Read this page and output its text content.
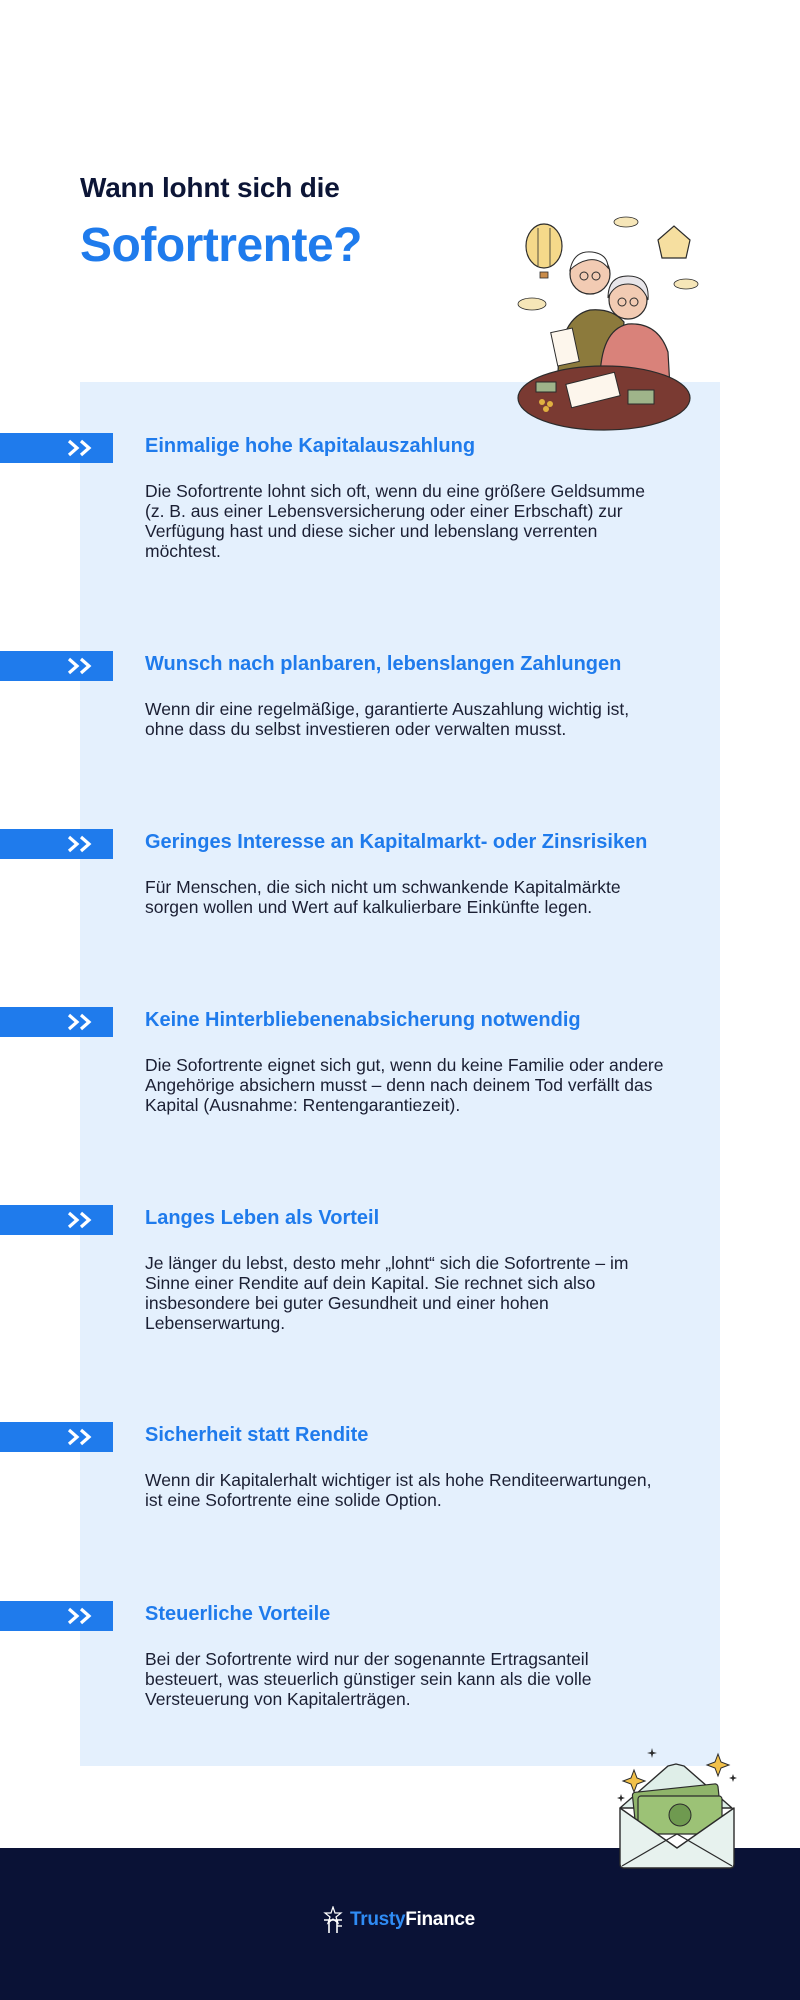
Wann lohnt sich die
Sofortrente?
Einmalige hohe Kapitalauszahlung

Die Sofortrente lohnt sich oft, wenn du eine größere Geldsumme (z. B. aus einer Lebensversicherung oder einer Erbschaft) zur Verfügung hast und diese sicher und lebenslang verrenten möchtest.

Wunsch nach planbaren, lebenslangen Zahlungen

Wenn dir eine regelmäßige, garantierte Auszahlung wichtig ist, ohne dass du selbst investieren oder verwalten musst.

Geringes Interesse an Kapitalmarkt- oder Zinsrisiken

Für Menschen, die sich nicht um schwankende Kapitalmärkte sorgen wollen und Wert auf kalkulierbare Einkünfte legen.

Keine Hinterbliebenenabsicherung notwendig

Die Sofortrente eignet sich gut, wenn du keine Familie oder andere Angehörige absichern musst – denn nach deinem Tod verfällt das Kapital (Ausnahme: Rentengarantiezeit).

Langes Leben als Vorteil

Je länger du lebst, desto mehr „lohnt“ sich die Sofortrente – im Sinne einer Rendite auf dein Kapital. Sie rechnet sich also insbesondere bei guter Gesundheit und einer hohen Lebenserwartung.

Sicherheit statt Rendite

Wenn dir Kapitalerhalt wichtiger ist als hohe Renditeerwartungen, ist eine Sofortrente eine solide Option.

Steuerliche Vorteile

Bei der Sofortrente wird nur der sogenannte Ertragsanteil besteuert, was steuerlich günstiger sein kann als die volle Versteuerung von Kapitalerträgen.

TrustyFinance
